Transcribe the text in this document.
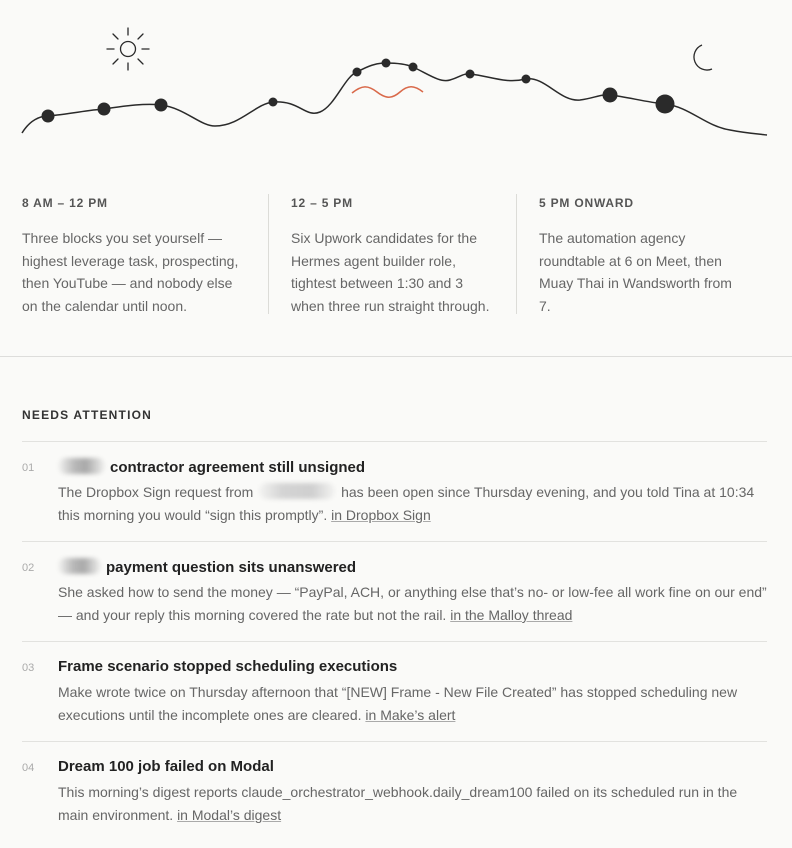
8 AM – 12 PM

Three blocks you set yourself — highest leverage task, prospecting, then YouTube — and nobody else on the calendar until noon.

12 – 5 PM

Six Upwork candidates for the Hermes agent builder role, tightest between 1:30 and 3 when three run straight through.

5 PM ONWARD

The automation agency roundtable at 6 on Meet, then Muay Thai in Wandsworth from 7.

NEEDS ATTENTION
01	contractor agreement still unsigned

The Dropbox Sign request from	has been open since Thursday evening, and you told Tina at 10:34 this morning you would “sign this promptly”. in Dropbox Sign

02	payment question sits unanswered

She asked how to send the money — “PayPal, ACH, or anything else that’s no- or low-fee all work fine on our end” — and your reply this morning covered the rate but not the rail. in the Malloy thread

03 Frame scenario stopped scheduling executions

Make wrote twice on Thursday afternoon that “[NEW] Frame - New File Created” has stopped scheduling new executions until the incomplete ones are cleared. in Make’s alert

04 Dream 100 job failed on Modal

This morning’s digest reports claude_orchestrator_webhook.daily_dream100 failed on its scheduled run in the main environment. in Modal’s digest
